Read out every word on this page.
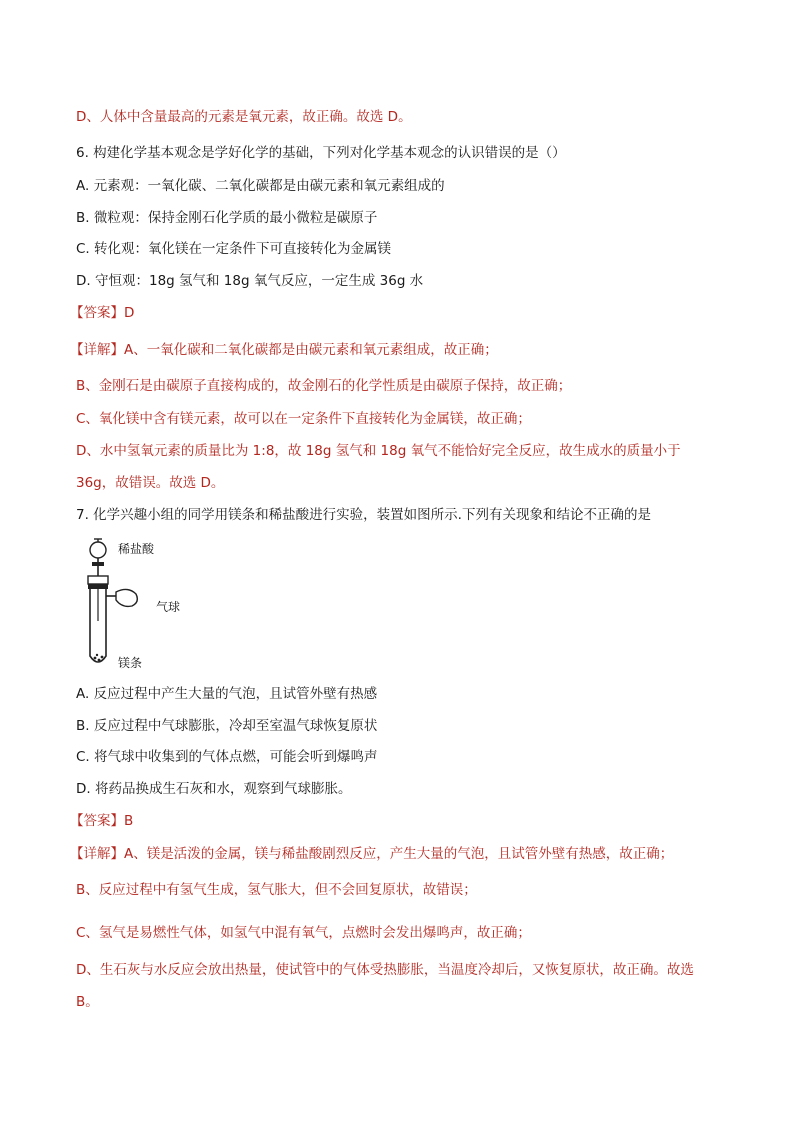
D、人体中含量最高的元素是氧元素，故正确。故选 D。
6. 构建化学基本观念是学好化学的基础，下列对化学基本观念的认识错误的是（）
A. 元素观：一氧化碳、二氧化碳都是由碳元素和氧元素组成的
B. 微粒观：保持金刚石化学质的最小微粒是碳原子
C. 转化观：氧化镁在一定条件下可直接转化为金属镁
D. 守恒观：18g 氢气和 18g 氧气反应，一定生成 36g 水
【答案】D
【详解】A、一氧化碳和二氧化碳都是由碳元素和氧元素组成，故正确；
B、金刚石是由碳原子直接构成的，故金刚石的化学性质是由碳原子保持，故正确；
C、氧化镁中含有镁元素，故可以在一定条件下直接转化为金属镁，故正确；
D、水中氢氧元素的质量比为 1:8，故 18g 氢气和 18g 氧气不能恰好完全反应，故生成水的质量小于
36g，故错误。故选 D。
7. 化学兴趣小组的同学用镁条和稀盐酸进行实验，装置如图所示.下列有关现象和结论不正确的是
稀盐酸
气球
镁条
A. 反应过程中产生大量的气泡，且试管外壁有热感
B. 反应过程中气球膨胀，冷却至室温气球恢复原状
C. 将气球中收集到的气体点燃，可能会听到爆鸣声
D. 将药品换成生石灰和水，观察到气球膨胀。
【答案】B
【详解】A、镁是活泼的金属，镁与稀盐酸剧烈反应，产生大量的气泡，且试管外壁有热感，故正确；
B、反应过程中有氢气生成，氢气胀大，但不会回复原状，故错误；
C、氢气是易燃性气体，如氢气中混有氧气，点燃时会发出爆鸣声，故正确；
D、生石灰与水反应会放出热量，使试管中的气体受热膨胀，当温度冷却后，又恢复原状，故正确。故选
B。
